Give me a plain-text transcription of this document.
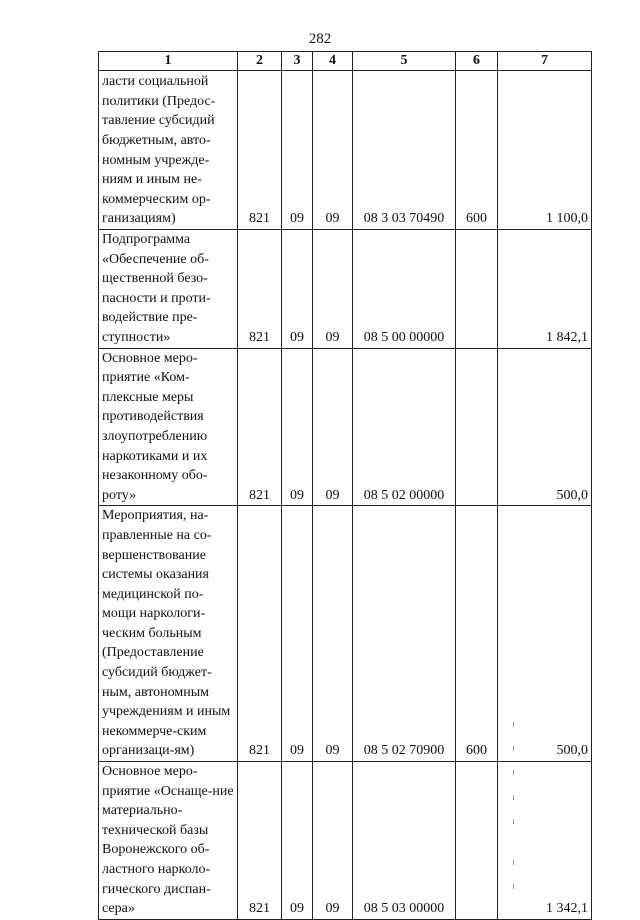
282
1	2	3	4	5	6	7
ласти социальной политики (Предос-тавление субсидий бюджетным, авто-номным учрежде-ниям и иным не-коммерческим ор-ганизациям)	821	09	09	08 3 03 70490	600	1 100,0
Подпрограмма «Обеспечение об-щественной безо-пасности и проти-водействие пре-ступности»	821	09	09	08 5 00 00000		1 842,1
Основное меро-приятие «Ком-плексные меры противодействия злоупотреблению наркотиками и их незаконному обо-роту»	821	09	09	08 5 02 00000		500,0
Мероприятия, на-правленные на со-вершенствование системы оказания медицинской по-мощи наркологи-ческим больным (Предоставление субсидий бюджет-ным, автономным учреждениям и иным некоммерче-ским организаци-ям)	821	09	09	08 5 02 70900	600	500,0
Основное меро-приятие «Оснаще-ние материально-технической базы Воронежского об-ластного нарколо-гического диспан-сера»	821	09	09	08 5 03 00000		1 342,1
